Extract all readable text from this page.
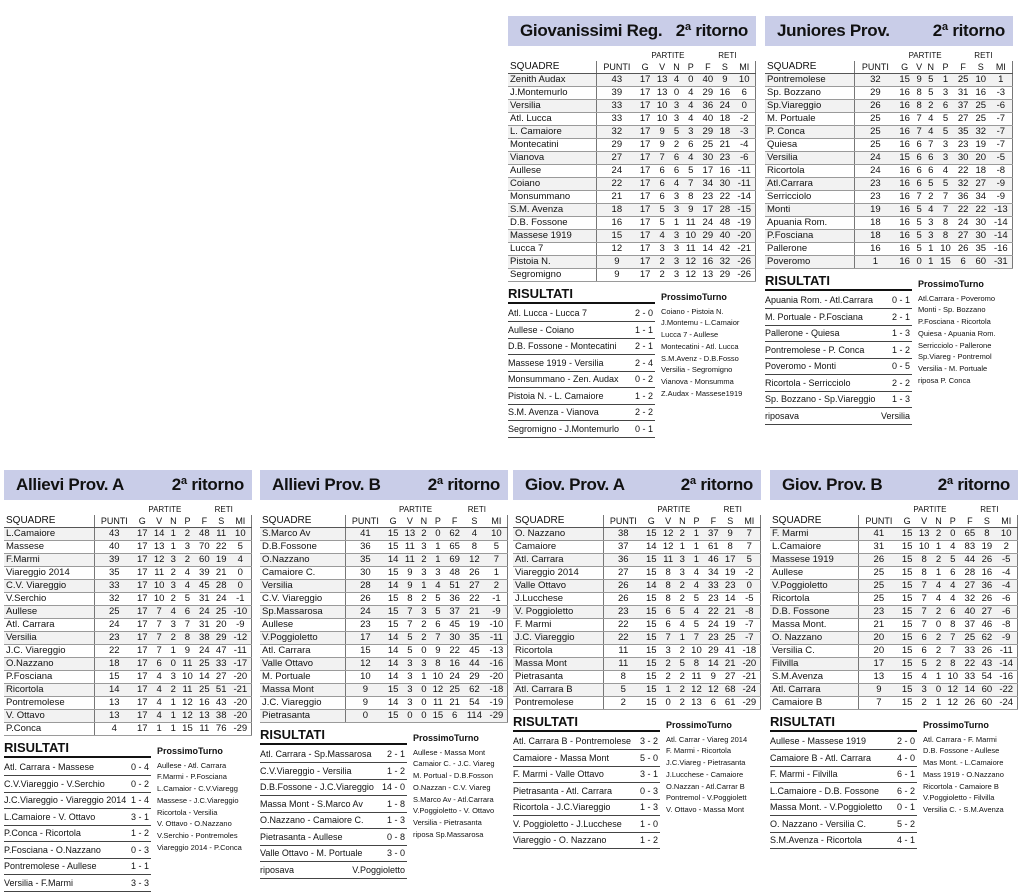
Giovanissimi Reg. 2ª ritorno
		PARTITE				RETI		
SQUADRE	PUNTI	G	V	N	P	F	S	MI
Zenith Audax	43	17	13	4	0	40	9	10
J.Montemurlo	39	17	13	0	4	29	16	6
Versilia	33	17	10	3	4	36	24	0
Atl. Lucca	33	17	10	3	4	40	18	-2
L. Camaiore	32	17	9	5	3	29	18	-3
Montecatini	29	17	9	2	6	25	21	-4
Vianova	27	17	7	6	4	30	23	-6
Aullese	24	17	6	6	5	17	16	-11
Coiano	22	17	6	4	7	34	30	-11
Monsummano	21	17	6	3	8	23	22	-14
S.M. Avenza	18	17	5	3	9	17	28	-15
D.B. Fossone	16	17	5	1	11	24	48	-19
Massese 1919	15	17	4	3	10	29	40	-20
Lucca 7	12	17	3	3	11	14	42	-21
Pistoia N.	9	17	2	3	12	16	32	-26
Segromigno	9	17	2	3	12	13	29	-26
RISULTATI
Atl. Lucca - Lucca 7	2 - 0
Aullese - Coiano	1 - 1
D.B. Fossone - Montecatini 2 - 1
Massese 1919 - Versilia	2 - 4
Monsummano - Zen. Audax 0 - 2
Pistoia N. - L. Camaiore	1 - 2
S.M. Avenza - Vianova	2 - 2
Segromigno - J.Montemurlo 0 - 1
ProssimoTurno
Coiano - Pistoia N.
J.Montemu - L.Camaior
Lucca 7 - Aullese
Montecatini - Atl. Lucca
S.M.Avenz - D.B.Fosso
Versilia - Segromigno
Vianova - Monsumma
Z.Audax - Massese1919
Juniores Prov.	2ª ritorno
		PARTITE				RETI		
SQUADRE	PUNTI	G	V	N	P	F	S	MI
Pontremolese	32	15	9	5	1	25	10	1
Sp. Bozzano	29	16	8	5	3	31	16	-3
Sp.Viareggio	26	16	8	2	6	37	25	-6
M. Portuale	25	16	7	4	5	27	25	-7
P. Conca	25	16	7	4	5	35	32	-7
Quiesa	25	16	6	7	3	23	19	-7
Versilia	24	15	6	6	3	30	20	-5
Ricortola	24	16	6	6	4	22	18	-8
Atl.Carrara	23	16	6	5	5	32	27	-9
Serricciolo	23	16	7	2	7	36	34	-9
Monti	19	16	5	4	7	22	22	-13
Apuania Rom.	18	16	5	3	8	24	30	-14
P.Fosciana	18	16	5	3	8	27	30	-14
Pallerone	16	16	5	1	10	26	35	-16
Poveromo	1	16	0	1	15	6	60	-31
RISULTATI
Apuania Rom. - Atl.Carrara 0 - 1
M. Portuale - P.Fosciana	2 - 1
Pallerone - Quiesa	1 - 3
Pontremolese - P. Conca	1 - 2
Poveromo - Monti	0 - 5
Ricortola - Serricciolo	2 - 2
Sp. Bozzano - Sp.Viareggio 1 - 3
riposava	Versilia
ProssimoTurno
Atl.Carrara - Poveromo
Monti - Sp. Bozzano
P.Fosciana - Ricortola
Quiesa - Apuania Rom.
Serricciolo - Pallerone
Sp.Viareg - Pontremol
Versilia - M. Portuale
riposa P. Conca
Allievi Prov. A	2ª ritorno
		PARTITE				RETI		
SQUADRE	PUNTI	G	V	N	P	F	S	MI
L.Camaiore	43	17	14	1	2	48	11	10
Massese	40	17	13	1	3	70	22	5
F.Marmi	39	17	12	3	2	60	19	4
Viareggio 2014	35	17	11	2	4	39	21	0
C.V. Viareggio	33	17	10	3	4	45	28	0
V.Serchio	32	17	10	2	5	31	24	-1
Aullese	25	17	7	4	6	24	25	-10
Atl. Carrara	24	17	7	3	7	31	20	-9
Versilia	23	17	7	2	8	38	29	-12
J.C. Viareggio	22	17	7	1	9	24	47	-11
O.Nazzano	18	17	6	0	11	25	33	-17
P.Fosciana	15	17	4	3	10	14	27	-20
Ricortola	14	17	4	2	11	25	51	-21
Pontremolese	13	17	4	1	12	16	43	-20
V. Ottavo	13	17	4	1	12	13	38	-20
P.Conca	4	17	1	1	15	11	76	-29
RISULTATI
Atl. Carrara - Massese	0 - 4
C.V.Viareggio - V.Serchio	0 - 2
J.C.Viareggio - Viareggio 2014 1 - 4
L.Camaiore - V. Ottavo	3 - 1
P.Conca - Ricortola	1 - 2
P.Fosciana - O.Nazzano	0 - 3
Pontremolese - Aullese	1 - 1
Versilia - F.Marmi	3 - 3
ProssimoTurno
Aullese - Atl. Carrara
F.Marmi - P.Fosciana
L.Camaior - C.V.Viaregg
Massese - J.C.Viareggio
Ricortola - Versilia
V. Ottavo - O.Nazzano
V.Serchio - Pontremoles
Viareggio 2014 - P.Conca
Allievi Prov. B	2ª ritorno
		PARTITE				RETI		
SQUADRE	PUNTI	G	V	N	P	F	S	MI
S.Marco Av	41	15	13	2	0	62	4	10
D.B.Fossone	36	15	11	3	1	65	8	5
O.Nazzano	35	14	11	2	1	69	12	7
Camaiore C.	30	15	9	3	3	48	26	1
Versilia	28	14	9	1	4	51	27	2
C.V. Viareggio	26	15	8	2	5	36	22	-1
Sp.Massarosa	24	15	7	3	5	37	21	-9
Aullese	23	15	7	2	6	45	19	-10
V.Poggioletto	17	14	5	2	7	30	35	-11
Atl. Carrara	15	14	5	0	9	22	45	-13
Valle Ottavo	12	14	3	3	8	16	44	-16
M. Portuale	10	14	3	1	10	24	29	-20
Massa Mont	9	15	3	0	12	25	62	-18
J.C. Viareggio	9	14	3	0	11	21	54	-19
Pietrasanta	0	15	0	0	15	6	114	-29
RISULTATI
Atl. Carrara - Sp.Massarosa 2 - 1
C.V.Viareggio - Versilia	1 - 2
D.B.Fossone - J.C.Viareggio 14 - 0
Massa Mont - S.Marco Av	1 - 8
O.Nazzano - Camaiore C.	1 - 3
Pietrasanta - Aullese	0 - 8
Valle Ottavo - M. Portuale	3 - 0
riposava	V.Poggioletto
ProssimoTurno
Aullese - Massa Mont
Camaior C. - J.C. Viareg
M. Portual - D.B.Fosson
O.Nazzan - C.V. Viareg
S.Marco Av - Atl.Carrara
V.Poggioletto - V. Ottavo
Versilia - Pietrasanta
riposa Sp.Massarosa
Giov. Prov. A	2ª ritorno
		PARTITE				RETI		
SQUADRE	PUNTI	G	V	N	P	F	S	MI
O. Nazzano	38	15	12	2	1	37	9	7
Camaiore	37	14	12	1	1	61	8	7
Atl. Carrara	36	15	11	3	1	46	17	5
Viareggio 2014	27	15	8	3	4	34	19	-2
Valle Ottavo	26	14	8	2	4	33	23	0
J.Lucchese	26	15	8	2	5	23	14	-5
V. Poggioletto	23	15	6	5	4	22	21	-8
F. Marmi	22	15	6	4	5	24	19	-7
J.C. Viareggio	22	15	7	1	7	23	25	-7
Ricortola	11	15	3	2	10	29	41	-18
Massa Mont	11	15	2	5	8	14	21	-20
Pietrasanta	8	15	2	2	11	9	27	-21
Atl. Carrara B	5	15	1	2	12	12	68	-24
Pontremolese	2	15	0	2	13	6	61	-29
RISULTATI
Atl. Carrara B - Pontremolese 3 - 2
Camaiore - Massa Mont	5 - 0
F. Marmi - Valle Ottavo	3 - 1
Pietrasanta - Atl. Carrara	0 - 3
Ricortola - J.C.Viareggio	1 - 3
V. Poggioletto - J.Lucchese 1 - 0
Viareggio - O. Nazzano	1 - 2
ProssimoTurno
Atl. Carrar - Viareg 2014
F. Marmi - Ricortola
J.C.Viareg - Pietrasanta
J.Lucchese - Camaiore
O.Nazzan - Atl.Carrar B
Pontremol - V.Poggiolett
V. Ottavo - Massa Mont
Giov. Prov. B	2ª ritorno
		PARTITE				RETI		
SQUADRE	PUNTI	G	V	N	P	F	S	MI
F. Marmi	41	15	13	2	0	65	8	10
L.Camaiore	31	15	10	1	4	83	19	2
Massese 1919	26	15	8	2	5	44	26	-5
Aullese	25	15	8	1	6	28	16	-4
V.Poggioletto	25	15	7	4	4	27	36	-4
Ricortola	25	15	7	4	4	32	26	-6
D.B. Fossone	23	15	7	2	6	40	27	-6
Massa Mont.	21	15	7	0	8	37	46	-8
O. Nazzano	20	15	6	2	7	25	62	-9
Versilia C.	20	15	6	2	7	33	26	-11
Filvilla	17	15	5	2	8	22	43	-14
S.M.Avenza	13	15	4	1	10	33	54	-16
Atl. Carrara	9	15	3	0	12	14	60	-22
Camaiore B	7	15	2	1	12	26	60	-24
RISULTATI
Aullese - Massese 1919	2 - 0
Camaiore B - Atl. Carrara	4 - 0
F. Marmi - Filvilla	6 - 1
L.Camaiore - D.B. Fossone 6 - 2
Massa Mont. - V.Poggioletto 0 - 1
O. Nazzano - Versilia C.	5 - 2
S.M.Avenza - Ricortola	4 - 1
ProssimoTurno
Atl. Carrara - F. Marmi
D.B. Fossone - Aullese
Mas Mont. - L.Camaiore
Mass 1919 - O.Nazzano
Ricortola - Camaiore B
V.Poggioletto - Filvilla
Versilia C. - S.M.Avenza
